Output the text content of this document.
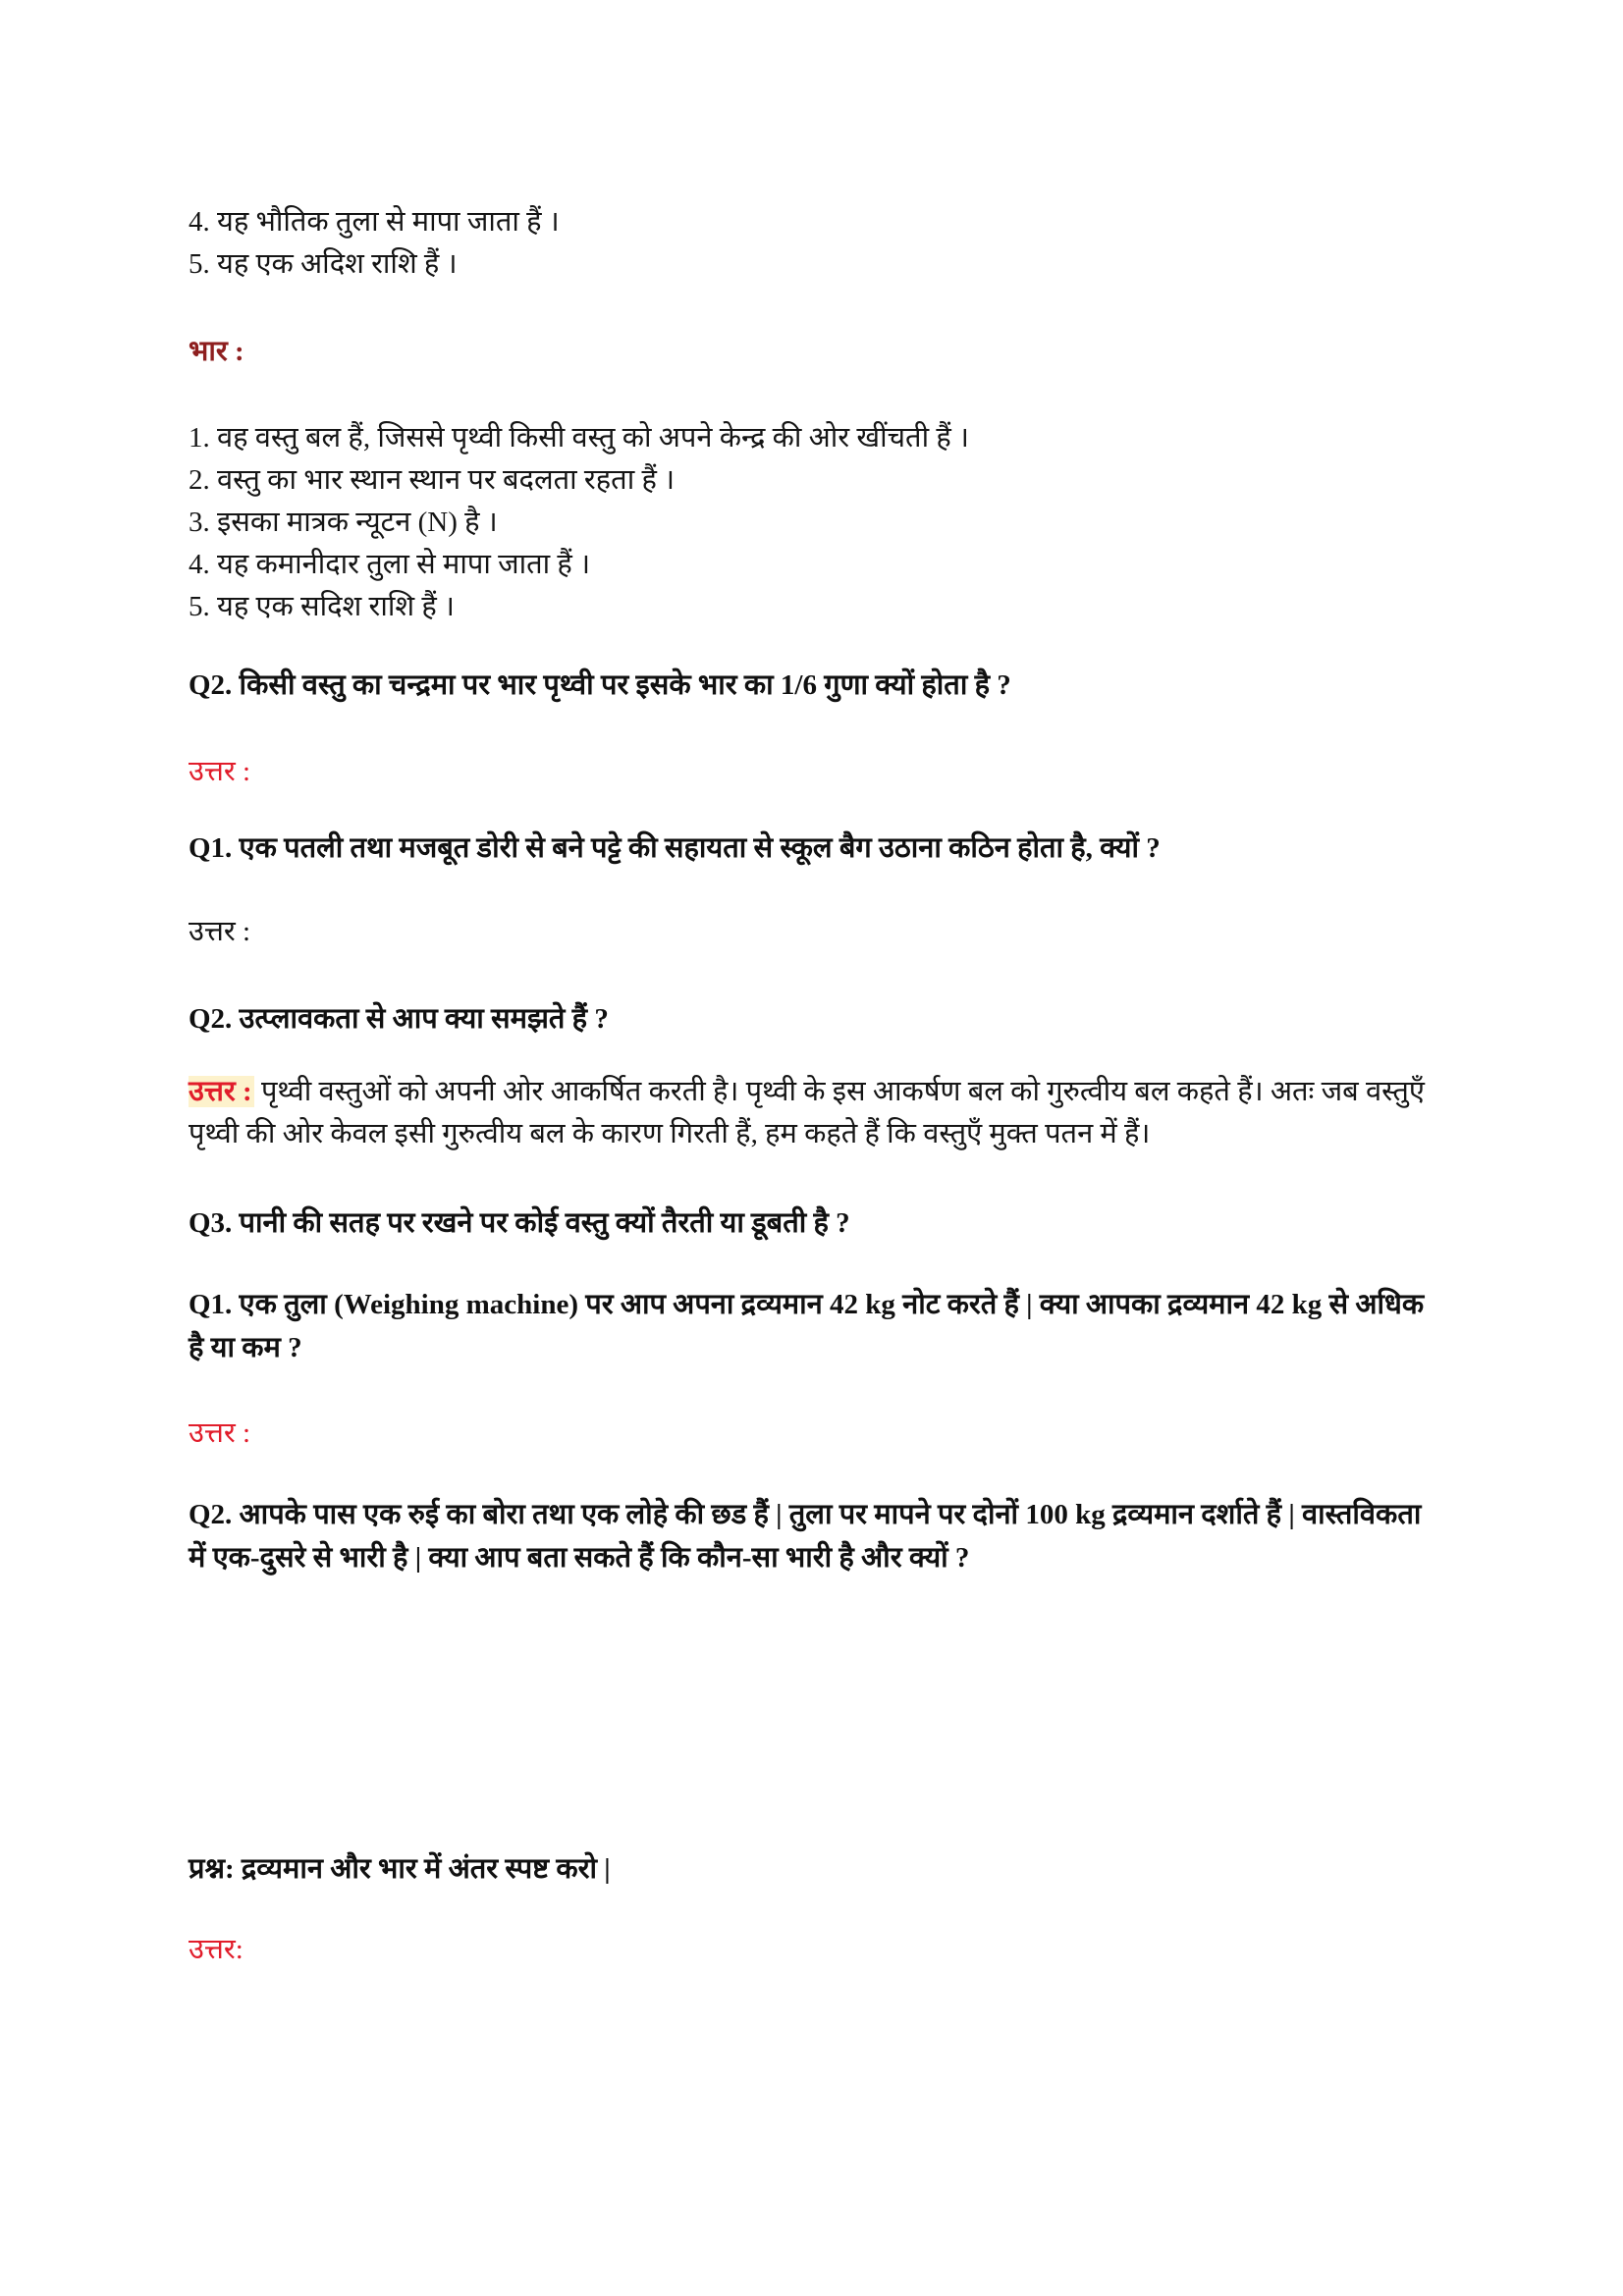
4. यह भौतिक तुला से मापा जाता हैं ।

5. यह एक अदिश राशि हैं ।

भार :

1. वह वस्तु बल हैं, जिससे पृथ्वी किसी वस्तु को अपने केन्द्र की ओर खींचती हैं ।

2. वस्तु का भार स्थान स्थान पर बदलता रहता हैं ।

3. इसका मात्रक न्यूटन (N) है ।

4. यह कमानीदार तुला से मापा जाता हैं ।

5. यह एक सदिश राशि हैं ।

Q2. किसी वस्तु का चन्द्रमा पर भार पृथ्वी पर इसके भार का 1/6 गुणा क्यों होता है ?

उत्तर :

Q1. एक पतली तथा मजबूत डोरी से बने पट्टे की सहायता से स्कूल बैग उठाना कठिन होता है, क्यों ?

उत्तर :

Q2. उत्प्लावकता से आप क्या समझते हैं ?

उत्तर : पृथ्वी वस्तुओं को अपनी ओर आकर्षित करती है। पृथ्वी के इस आकर्षण बल को गुरुत्वीय बल कहते हैं। अतः जब वस्तुएँ पृथ्वी की ओर केवल इसी गुरुत्वीय बल के कारण गिरती हैं, हम कहते हैं कि वस्तुएँ मुक्त पतन में हैं।

Q3. पानी की सतह पर रखने पर कोई वस्तु क्यों तैरती या डूबती है ?

Q1. एक तुला (Weighing machine) पर आप अपना द्रव्यमान 42 kg नोट करते हैं | क्या आपका द्रव्यमान 42 kg से अधिक है या कम ?

उत्तर :

Q2. आपके पास एक रुई का बोरा तथा एक लोहे की छड हैं | तुला पर मापने पर दोनों 100 kg द्रव्यमान दर्शाते हैं | वास्तविकता में एक-दुसरे से भारी है | क्या आप बता सकते हैं कि कौन-सा भारी है और क्यों ?

प्रश्न: द्रव्यमान और भार में अंतर स्पष्ट करो |

उत्तर:
